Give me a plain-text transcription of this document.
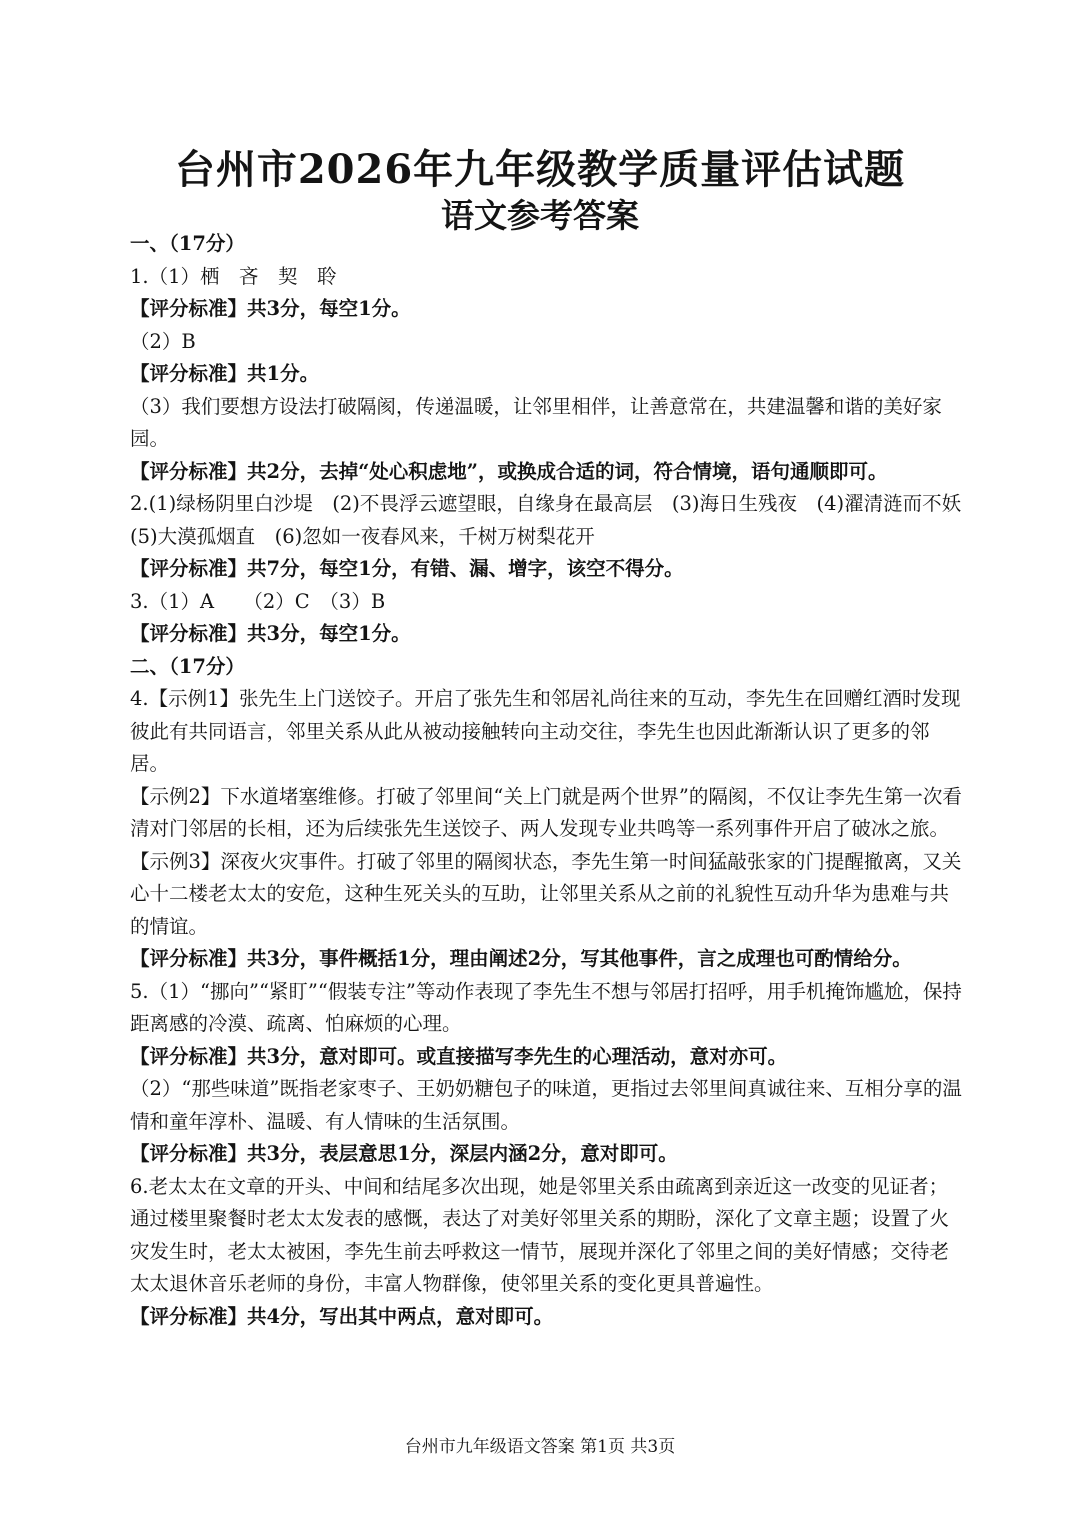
台州市2026年九年级教学质量评估试题
语文参考答案

一、（17分）

1.（1）栖　吝　契　聆

【评分标准】共3分，每空1分。

（2）B

【评分标准】共1分。

（3）我们要想方设法打破隔阂，传递温暖，让邻里相伴，让善意常在，共建温馨和谐的美好家园。

【评分标准】共2分，去掉“处心积虑地”，或换成合适的词，符合情境，语句通顺即可。

2.(1)绿杨阴里白沙堤　(2)不畏浮云遮望眼，自缘身在最高层　(3)海日生残夜　(4)濯清涟而不妖(5)大漠孤烟直　(6)忽如一夜春风来，千树万树梨花开

【评分标准】共7分，每空1分，有错、漏、增字，该空不得分。

3.（1）A　　（2）C　（3）B

【评分标准】共3分，每空1分。

二、（17分）

4.【示例1】张先生上门送饺子。开启了张先生和邻居礼尚往来的互动，李先生在回赠红酒时发现彼此有共同语言，邻里关系从此从被动接触转向主动交往，李先生也因此渐渐认识了更多的邻居。

【示例2】下水道堵塞维修。打破了邻里间“关上门就是两个世界”的隔阂，不仅让李先生第一次看清对门邻居的长相，还为后续张先生送饺子、两人发现专业共鸣等一系列事件开启了破冰之旅。

【示例3】深夜火灾事件。打破了邻里的隔阂状态，李先生第一时间猛敲张家的门提醒撤离，又关心十二楼老太太的安危，这种生死关头的互助，让邻里关系从之前的礼貌性互动升华为患难与共的情谊。

【评分标准】共3分，事件概括1分，理由阐述2分，写其他事件，言之成理也可酌情给分。

5.（1）“挪向”“紧盯”“假装专注”等动作表现了李先生不想与邻居打招呼，用手机掩饰尴尬，保持距离感的冷漠、疏离、怕麻烦的心理。

【评分标准】共3分，意对即可。或直接描写李先生的心理活动，意对亦可。

（2）“那些味道”既指老家枣子、王奶奶糖包子的味道，更指过去邻里间真诚往来、互相分享的温情和童年淳朴、温暖、有人情味的生活氛围。

【评分标准】共3分，表层意思1分，深层内涵2分，意对即可。

6.老太太在文章的开头、中间和结尾多次出现，她是邻里关系由疏离到亲近这一改变的见证者；通过楼里聚餐时老太太发表的感慨，表达了对美好邻里关系的期盼，深化了文章主题；设置了火灾发生时，老太太被困，李先生前去呼救这一情节，展现并深化了邻里之间的美好情感；交待老太太退休音乐老师的身份，丰富人物群像，使邻里关系的变化更具普遍性。

【评分标准】共4分，写出其中两点，意对即可。

台州市九年级语文答案 第1页 共3页
